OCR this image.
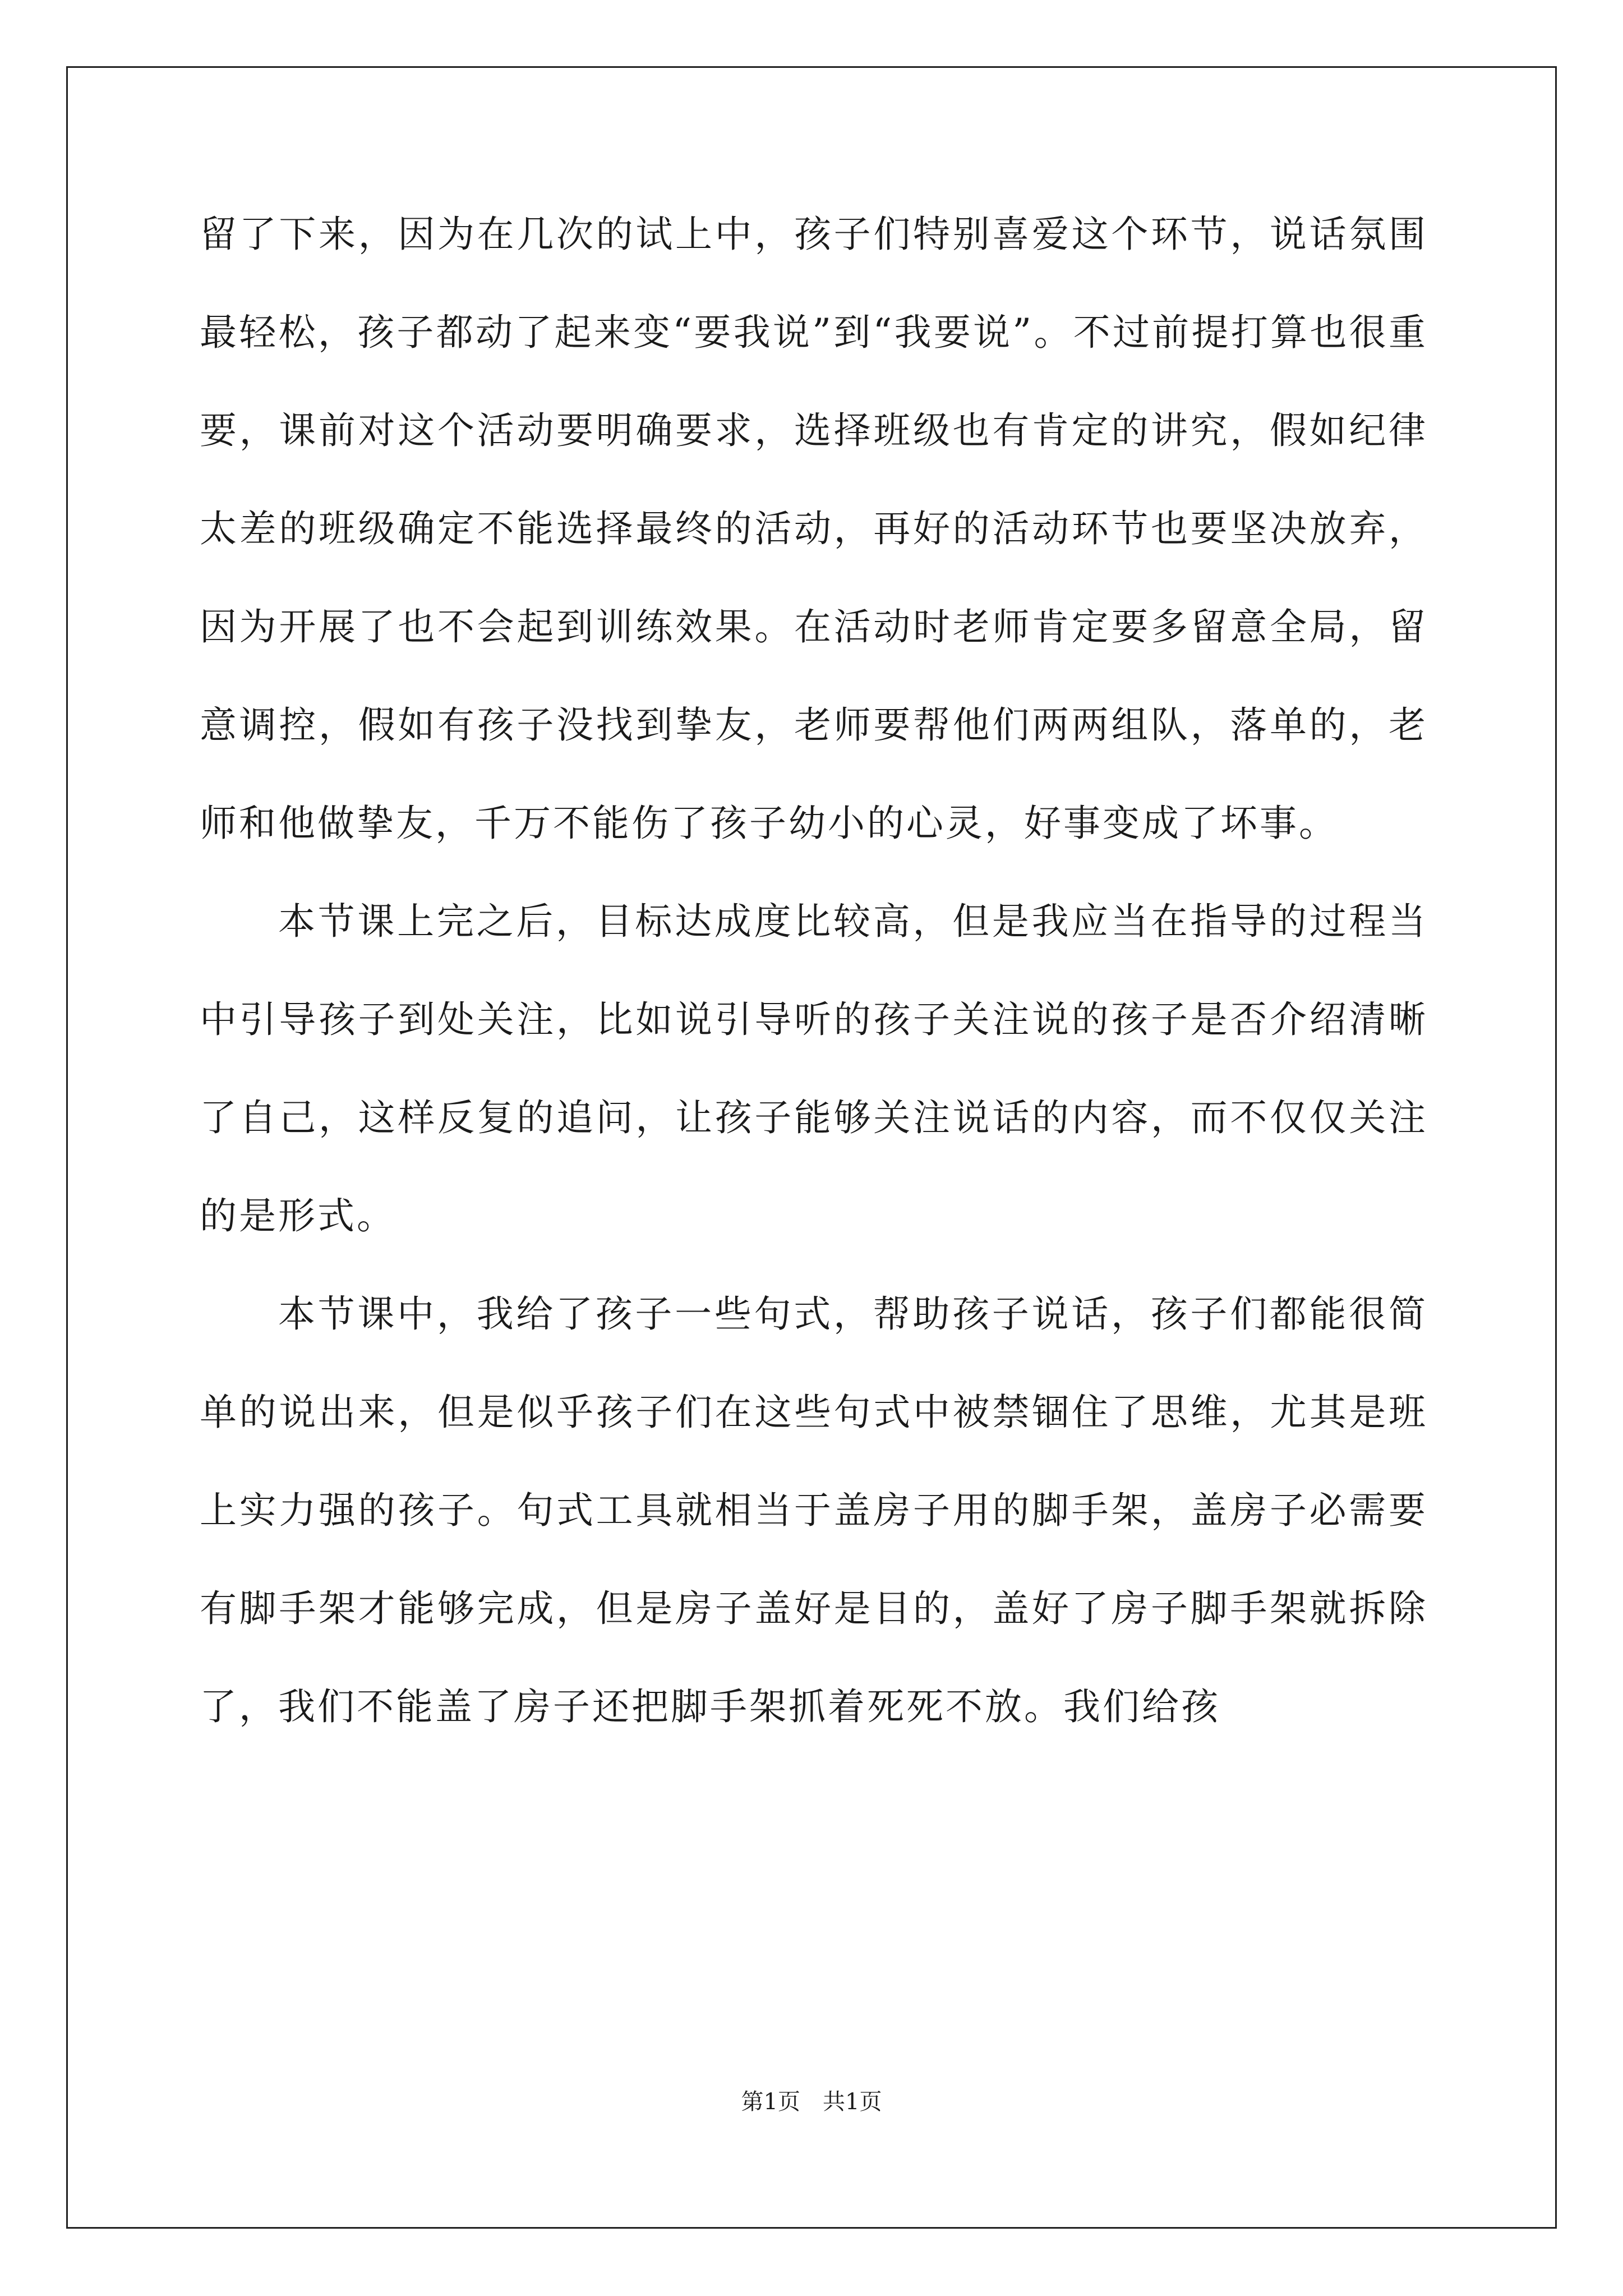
留了下来，因为在几次的试上中，孩子们特别喜爱这个环节，说话氛围最轻松，孩子都动了起来变“要我说”到“我要说”。不过前提打算也很重要，课前对这个活动要明确要求，选择班级也有肯定的讲究，假如纪律太差的班级确定不能选择最终的活动，再好的活动环节也要坚决放弃，因为开展了也不会起到训练效果。在活动时老师肯定要多留意全局，留意调控，假如有孩子没找到挚友，老师要帮他们两两组队，落单的，老师和他做挚友，千万不能伤了孩子幼小的心灵，好事变成了坏事。

本节课上完之后，目标达成度比较高，但是我应当在指导的过程当中引导孩子到处关注，比如说引导听的孩子关注说的孩子是否介绍清晰了自己，这样反复的追问，让孩子能够关注说话的内容，而不仅仅关注的是形式。

本节课中，我给了孩子一些句式，帮助孩子说话，孩子们都能很简单的说出来，但是似乎孩子们在这些句式中被禁锢住了思维，尤其是班上实力强的孩子。句式工具就相当于盖房子用的脚手架，盖房子必需要有脚手架才能够完成，但是房子盖好是目的，盖好了房子脚手架就拆除了，我们不能盖了房子还把脚手架抓着死死不放。我们给孩

第1页 共1页
